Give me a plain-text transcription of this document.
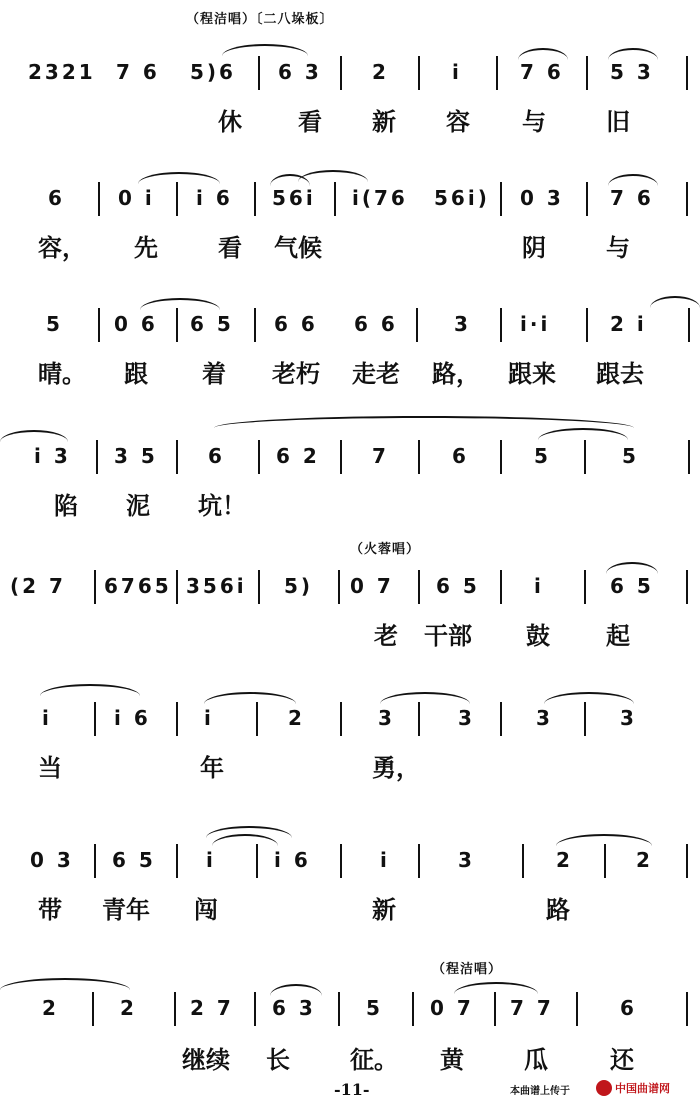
（程洁唱）〔二八垛板〕
2321 7 6 5)6 6 3	2	i	7 6 5 3
休 看 新 容 与	旧
6	0 i i 6 56i i(76 56i) 0 3 7 6
容， 先	看 气候	阴	与
5	0 6 6 5 6 6 6 6	3 i·i	2 i
晴。 跟 着 老朽 走老 路， 跟来 跟去
i 3 3 5	6	6 2	7	6	5	5
陷 泥 坑！
（火蓉唱）
(2 7 6765 356i 5) 0 7 6 5	i	6 5
老 干部 鼓 起
i	i 6	i	2	3	3	3	3
当	年	勇，
0 3 6 5	i	i 6	i	3	2	2
带 青年 闯	新	路
（程洁唱）
2	2	2 7 6 3	5 0 7 7 7	6
继续 长	征。 黄	瓜	还
-11-	本曲谱上传于	中国曲谱网
